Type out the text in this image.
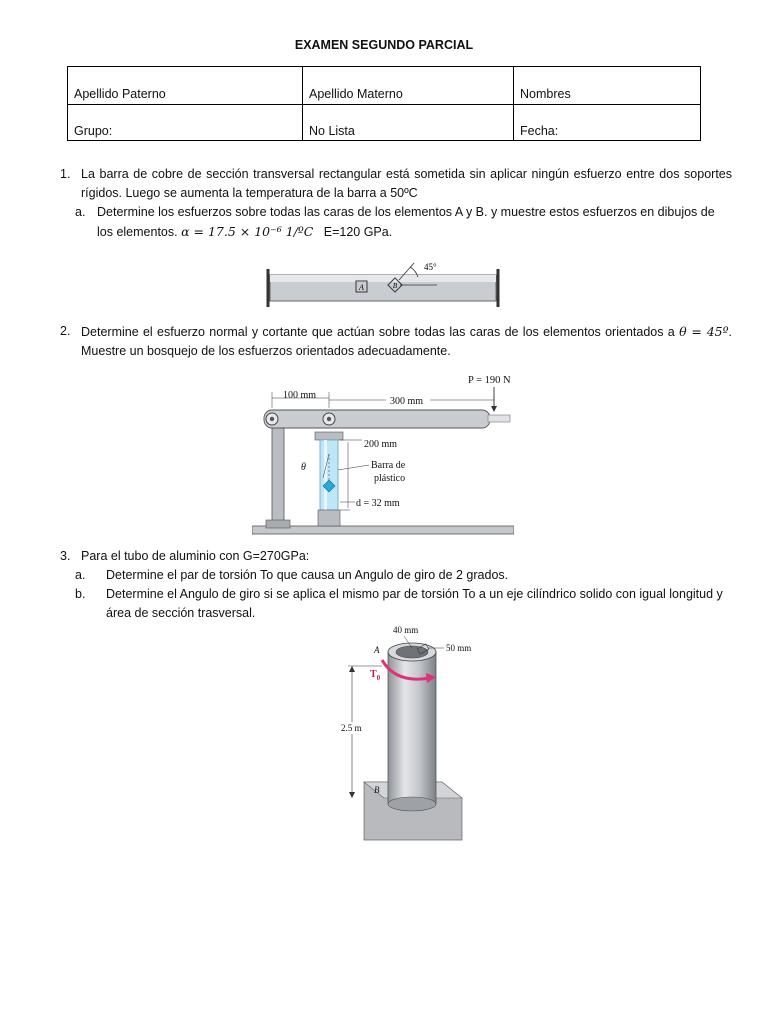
EXAMEN SEGUNDO PARCIAL
Apellido Paterno	Apellido Materno	Nombres
Grupo:	No Lista	Fecha:
1. La barra de cobre de sección transversal rectangular está sometida sin aplicar ningún esfuerzo entre dos soportes rígidos. Luego se aumenta la temperatura de la barra a 50ºC
a. Determine los esfuerzos sobre todas las caras de los elementos A y B. y muestre estos esfuerzos en dibujos de los elementos. α = 17.5 × 10⁻⁶ 1/ºC E=120 GPa.
A	B
45°
2. Determine el esfuerzo normal y cortante que actúan sobre todas las caras de los elementos orientados a θ = 45º. Muestre un bosquejo de los esfuerzos orientados adecuadamente.
100 mm
300 mm
P = 190 N
200 mm
Barra de
plástico
θ
d = 32 mm
3. Para el tubo de aluminio con G=270GPa:
a. Determine el par de torsión To que causa un Angulo de giro de 2 grados.
b. Determine el Angulo de giro si se aplica el mismo par de torsión To a un eje cilíndrico solido con igual longitud y área de sección trasversal.
40 mm
50 mm
A
$T_0$
2.5 m
B
